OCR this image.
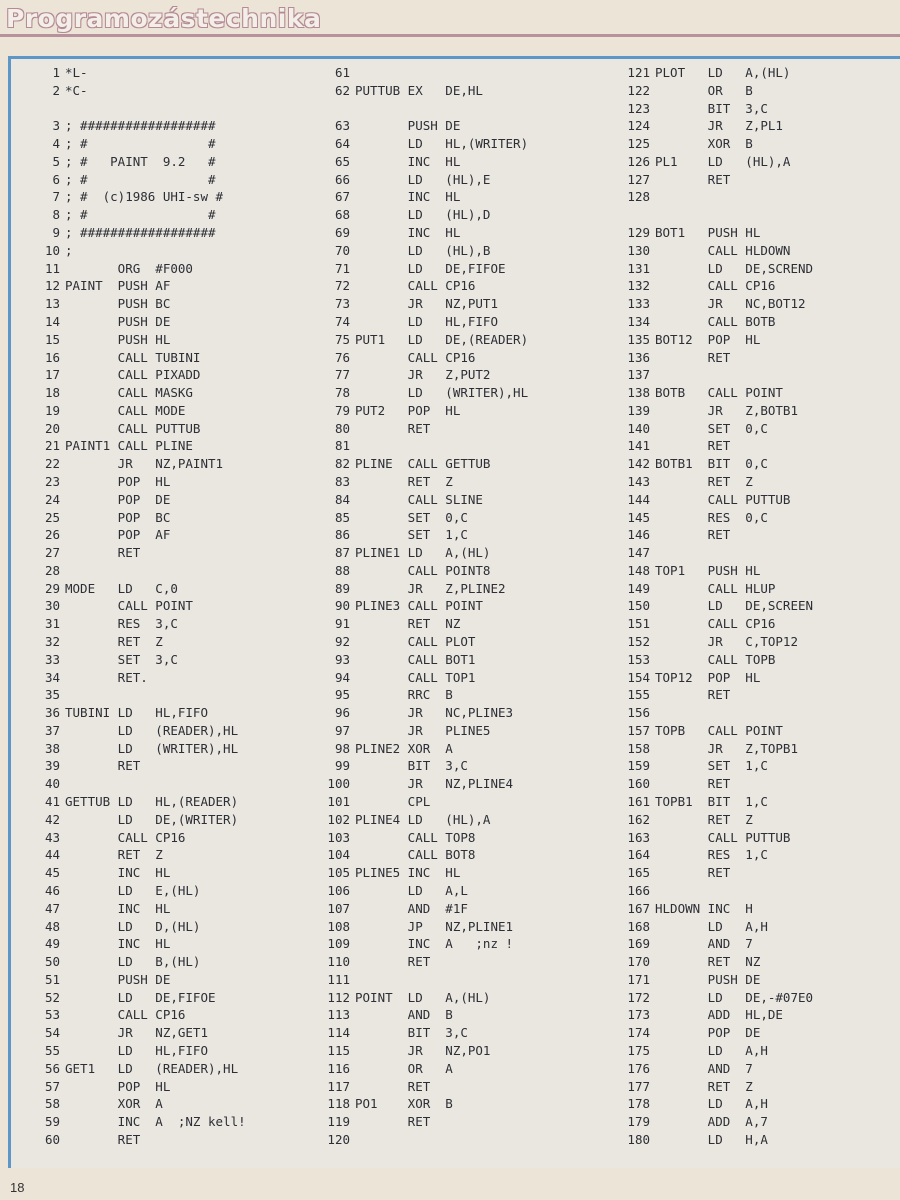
Programozástechnika
1 *L-
2 *C-
3 ; ##################
4 ; #                #
5 ; #   PAINT  9.2   #
6 ; #                #
7 ; #  (c)1986 UHI-sw #
8 ; #                #
9 ; ##################
10 ;
11 ORG  #F000
12 PAINT  PUSH AF
13 PUSH BC
14 PUSH DE
15 PUSH HL
16 CALL TUBINI
17 CALL PIXADD
18 CALL MASKG
19 CALL MODE
20 CALL PUTTUB
21 PAINT1 CALL PLINE
22 JR   NZ,PAINT1
23 POP  HL
24 POP  DE
25 POP  BC
26 POP  AF
27 RET
28
29 MODE   LD   C,0
30 CALL POINT
31 RES  3,C
32 RET  Z
33 SET  3,C
34 RET.
35
36 TUBINI LD   HL,FIFO
37 LD   (READER),HL
38 LD   (WRITER),HL
39 RET
40
41 GETTUB LD   HL,(READER)
42 LD   DE,(WRITER)
43 CALL CP16
44 RET  Z
45 INC  HL
46 LD   E,(HL)
47 INC  HL
48 LD   D,(HL)
49 INC  HL
50 LD   B,(HL)
51 PUSH DE
52 LD   DE,FIFOE
53 CALL CP16
54 JR   NZ,GET1
55 LD   HL,FIFO
56 GET1   LD   (READER),HL
57 POP  HL
58 XOR  A
59 INC  A  ;NZ kell!
60 RET
61
62 PUTTUB EX   DE,HL
63 PUSH DE
64 LD   HL,(WRITER)
65 INC  HL
66 LD   (HL),E
67 INC  HL
68 LD   (HL),D
69 INC  HL
70 LD   (HL),B
71 LD   DE,FIFOE
72 CALL CP16
73 JR   NZ,PUT1
74 LD   HL,FIFO
75 PUT1   LD   DE,(READER)
76 CALL CP16
77 JR   Z,PUT2
78 LD   (WRITER),HL
79 PUT2   POP  HL
80 RET
81
82 PLINE  CALL GETTUB
83 RET  Z
84 CALL SLINE
85 SET  0,C
86 SET  1,C
87 PLINE1 LD   A,(HL)
88 CALL POINT8
89 JR   Z,PLINE2
90 PLINE3 CALL POINT
91 RET  NZ
92 CALL PLOT
93 CALL BOT1
94 CALL TOP1
95 RRC  B
96 JR   NC,PLINE3
97 JR   PLINE5
98 PLINE2 XOR  A
99 BIT  3,C
100 JR   NZ,PLINE4
101 CPL
102 PLINE4 LD   (HL),A
103 CALL TOP8
104 CALL BOT8
105 PLINE5 INC  HL
106 LD   A,L
107 AND  #1F
108 JP   NZ,PLINE1
109 INC  A   ;nz !
110 RET
111
112 POINT  LD   A,(HL)
113 AND  B
114 BIT  3,C
115 JR   NZ,PO1
116 OR   A
117 RET
118 PO1    XOR  B
119 RET
120
121 PLOT   LD   A,(HL)
122 OR   B
123 BIT  3,C
124 JR   Z,PL1
125 XOR  B
126 PL1    LD   (HL),A
127 RET
128
129 BOT1   PUSH HL
130 CALL HLDOWN
131 LD   DE,SCREND
132 CALL CP16
133 JR   NC,BOT12
134 CALL BOTB
135 BOT12  POP  HL
136 RET
137
138 BOTB   CALL POINT
139 JR   Z,BOTB1
140 SET  0,C
141 RET
142 BOTB1  BIT  0,C
143 RET  Z
144 CALL PUTTUB
145 RES  0,C
146 RET
147
148 TOP1   PUSH HL
149 CALL HLUP
150 LD   DE,SCREEN
151 CALL CP16
152 JR   C,TOP12
153 CALL TOPB
154 TOP12  POP  HL
155 RET
156
157 TOPB   CALL POINT
158 JR   Z,TOPB1
159 SET  1,C
160 RET
161 TOPB1  BIT  1,C
162 RET  Z
163 CALL PUTTUB
164 RES  1,C
165 RET
166
167 HLDOWN INC  H
168 LD   A,H
169 AND  7
170 RET  NZ
171 PUSH DE
172 LD   DE,-#07E0
173 ADD  HL,DE
174 POP  DE
175 LD   A,H
176 AND  7
177 RET  Z
178 LD   A,H
179 ADD  A,7
180 LD   H,A
18
